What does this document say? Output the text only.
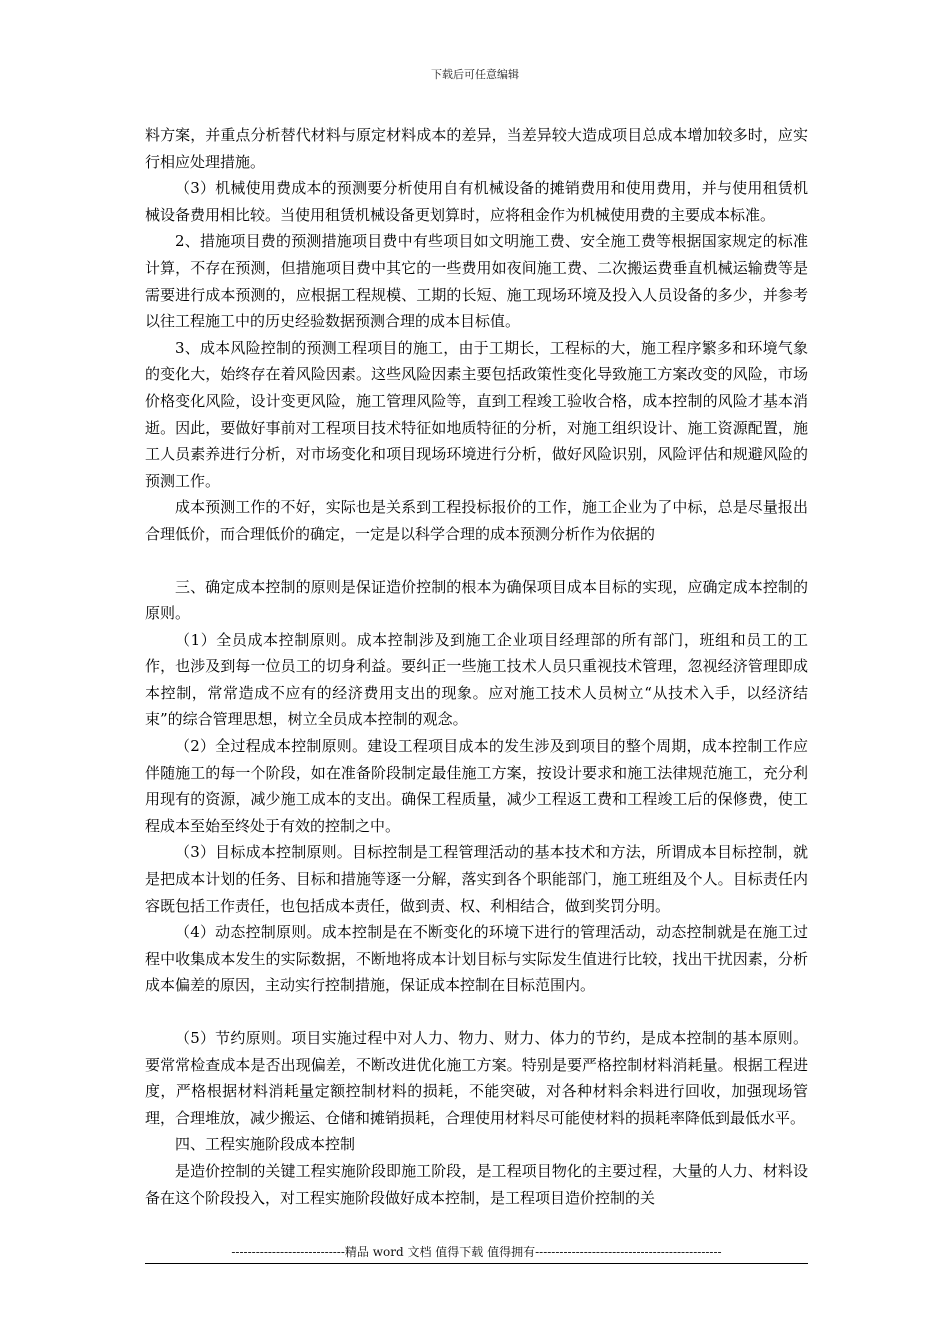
下载后可任意编辑

料方案，并重点分析替代材料与原定材料成本的差异，当差异较大造成项目总成本增加较多时，应实行相应处理措施。

（3）机械使用费成本的预测要分析使用自有机械设备的摊销费用和使用费用，并与使用租赁机械设备费用相比较。当使用租赁机械设备更划算时，应将租金作为机械使用费的主要成本标准。

2、措施项目费的预测措施项目费中有些项目如文明施工费、安全施工费等根据国家规定的标准计算，不存在预测，但措施项目费中其它的一些费用如夜间施工费、二次搬运费垂直机械运输费等是需要进行成本预测的，应根据工程规模、工期的长短、施工现场环境及投入人员设备的多少，并参考以往工程施工中的历史经验数据预测合理的成本目标值。

3、成本风险控制的预测工程项目的施工，由于工期长，工程标的大，施工程序繁多和环境气象的变化大，始终存在着风险因素。这些风险因素主要包括政策性变化导致施工方案改变的风险，市场价格变化风险，设计变更风险，施工管理风险等，直到工程竣工验收合格，成本控制的风险才基本消逝。因此，要做好事前对工程项目技术特征如地质特征的分析，对施工组织设计、施工资源配置，施工人员素养进行分析，对市场变化和项目现场环境进行分析，做好风险识别，风险评估和规避风险的预测工作。

成本预测工作的不好，实际也是关系到工程投标报价的工作，施工企业为了中标，总是尽量报出合理低价，而合理低价的确定，一定是以科学合理的成本预测分析作为依据的

三、确定成本控制的原则是保证造价控制的根本为确保项目成本目标的实现，应确定成本控制的原则。

（1）全员成本控制原则。成本控制涉及到施工企业项目经理部的所有部门，班组和员工的工作，也涉及到每一位员工的切身利益。要纠正一些施工技术人员只重视技术管理，忽视经济管理即成本控制，常常造成不应有的经济费用支出的现象。应对施工技术人员树立“从技术入手，以经济结束”的综合管理思想，树立全员成本控制的观念。

（2）全过程成本控制原则。建设工程项目成本的发生涉及到项目的整个周期，成本控制工作应伴随施工的每一个阶段，如在准备阶段制定最佳施工方案，按设计要求和施工法律规范施工，充分利用现有的资源，减少施工成本的支出。确保工程质量，减少工程返工费和工程竣工后的保修费，使工程成本至始至终处于有效的控制之中。

（3）目标成本控制原则。目标控制是工程管理活动的基本技术和方法，所谓成本目标控制，就是把成本计划的任务、目标和措施等逐一分解，落实到各个职能部门，施工班组及个人。目标责任内容既包括工作责任，也包括成本责任，做到责、权、利相结合，做到奖罚分明。

（4）动态控制原则。成本控制是在不断变化的环境下进行的管理活动，动态控制就是在施工过程中收集成本发生的实际数据，不断地将成本计划目标与实际发生值进行比较，找出干扰因素，分析成本偏差的原因，主动实行控制措施，保证成本控制在目标范围内。

（5）节约原则。项目实施过程中对人力、物力、财力、体力的节约，是成本控制的基本原则。要常常检查成本是否出现偏差，不断改进优化施工方案。特别是要严格控制材料消耗量。根据工程进度，严格根据材料消耗量定额控制材料的损耗，不能突破，对各种材料余料进行回收，加强现场管理，合理堆放，减少搬运、仓储和摊销损耗，合理使用材料尽可能使材料的损耗率降低到最低水平。

四、工程实施阶段成本控制

是造价控制的关键工程实施阶段即施工阶段，是工程项目物化的主要过程，大量的人力、材料设备在这个阶段投入，对工程实施阶段做好成本控制，是工程项目造价控制的关

----------------------------精品 word 文档 值得下载 值得拥有----------------------------------------------
